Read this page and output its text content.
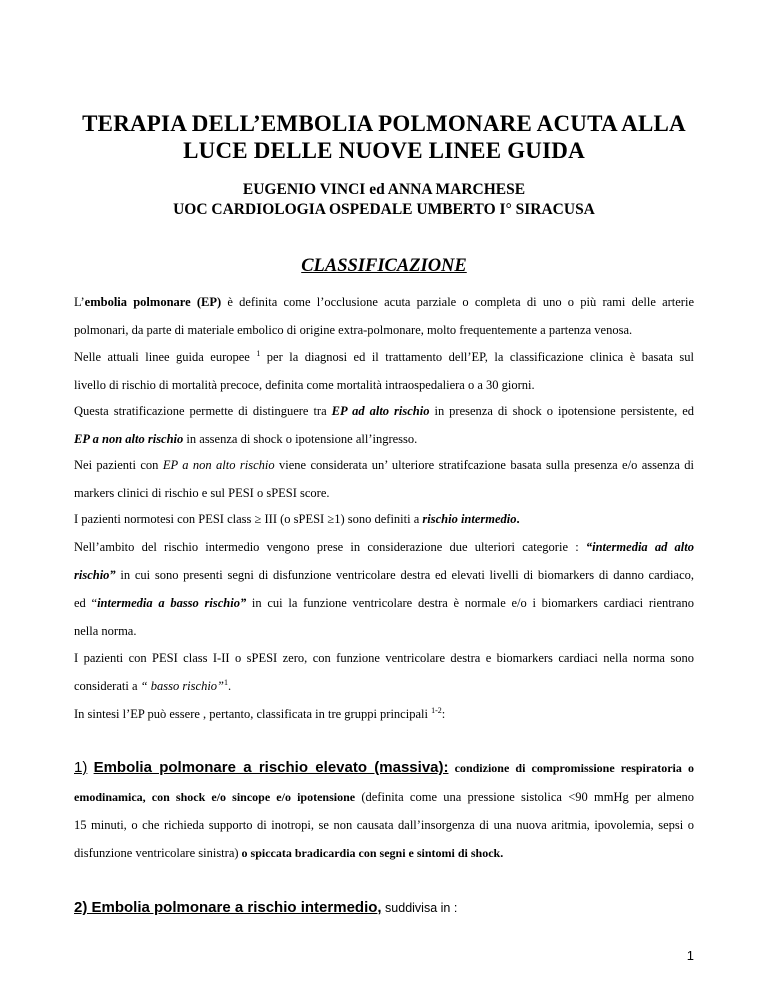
TERAPIA DELL’EMBOLIA POLMONARE ACUTA ALLA
LUCE DELLE NUOVE LINEE GUIDA
EUGENIO VINCI ed ANNA MARCHESE
UOC CARDIOLOGIA OSPEDALE UMBERTO I° SIRACUSA
CLASSIFICAZIONE
L’embolia polmonare (EP) è definita come l’occlusione acuta parziale o completa di uno o più rami delle arterie
polmonari, da parte di materiale embolico di origine extra-polmonare, molto frequentemente a partenza venosa.
Nelle attuali linee guida europee $^1$ per la diagnosi ed il trattamento dell’EP, la classificazione clinica è basata sul
livello di rischio di mortalità precoce, definita come mortalità intraospedaliera o a 30 giorni.
Questa stratificazione permette di distinguere tra EP ad alto rischio in presenza di shock o ipotensione persistente, ed
EP a non alto rischio in assenza di shock o ipotensione all’ingresso.
Nei pazienti con EP a non alto rischio viene considerata un’ ulteriore stratifcazione basata sulla presenza e/o assenza di
markers clinici di rischio e sul PESI o sPESI score.
I pazienti normotesi con PESI class ≥ III (o sPESI ≥1) sono definiti a rischio intermedio.
Nell’ambito del rischio intermedio vengono prese in considerazione due ulteriori categorie : “intermedia ad alto
rischio” in cui sono presenti segni di disfunzione ventricolare destra ed elevati livelli di biomarkers di danno cardiaco,
ed “intermedia a basso rischio” in cui la funzione ventricolare destra è normale e/o i biomarkers cardiaci rientrano
nella norma.
I pazienti con PESI class I-II o sPESI zero, con funzione ventricolare destra e biomarkers cardiaci nella norma sono
considerati a “ basso rischio”$^1$.
In sintesi l’EP può essere , pertanto, classificata in tre gruppi principali $^{1-2}$:
1) Embolia polmonare a rischio elevato (massiva): condizione di compromissione respiratoria o
emodinamica, con shock e/o sincope e/o ipotensione (definita come una pressione sistolica <90 mmHg per almeno
15 minuti, o che richieda supporto di inotropi, se non causata dall’insorgenza di una nuova aritmia, ipovolemia, sepsi o
disfunzione ventricolare sinistra) o spiccata bradicardia con segni e sintomi di shock.
2) Embolia polmonare a rischio intermedio, suddivisa in :
1
